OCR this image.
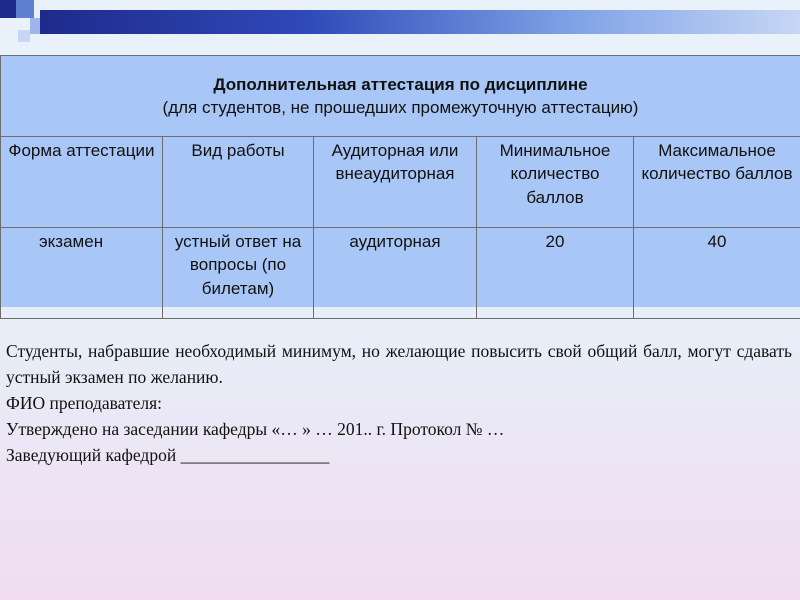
Дополнительная аттестация по дисциплине
(для студентов, не прошедших промежуточную аттестацию)				

Форма аттестации	Вид работы	Аудиторная или внеаудиторная	Минимальное количество баллов	Максимальное количество баллов
экзамен	устный ответ на вопросы (по билетам)	аудиторная	20	40
Студенты, набравшие необходимый минимум, но желающие повысить свой общий балл, могут сдавать устный экзамен по желанию.
ФИО преподавателя:
Утверждено на заседании кафедры «… » … 201.. г. Протокол № …
Заведующий кафедрой _________________
